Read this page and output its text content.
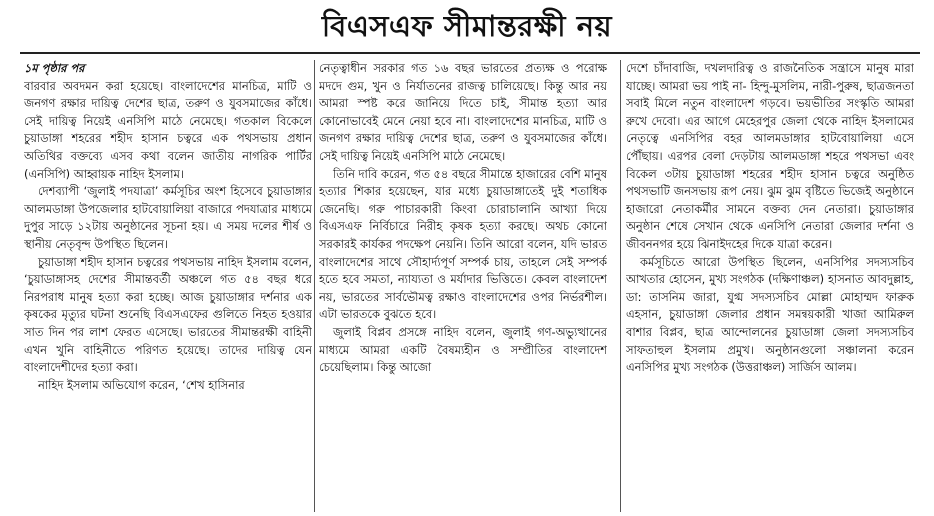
বিএসএফ সীমান্তরক্ষী নয়

১ম পৃষ্ঠার পর
বারবার অবদমন করা হয়েছে। বাংলাদেশের মানচিত্র, মাটি ও জনগণ রক্ষার দায়িত্ব দেশের ছাত্র, তরুণ ও যুবসমাজের কাঁধে। সেই দায়িত্ব নিয়েই এনসিপি মাঠে নেমেছে। গতকাল বিকেলে চুয়াডাঙ্গা শহরের শহীদ হাসান চত্বরে এক পথসভায় প্রধান অতিথির বক্তব্যে এসব কথা বলেন জাতীয় নাগরিক পার্টির (এনসিপি) আহ্বায়ক নাহিদ ইসলাম।

দেশব্যাপী ‘জুলাই পদযাত্রা’ কর্মসূচির অংশ হিসেবে চুয়াডাঙ্গার আলমডাঙ্গা উপজেলার হাটবোয়ালিয়া বাজারে পদযাত্রার মাধ্যমে দুপুর সাড়ে ১২টায় অনুষ্ঠানের সূচনা হয়। এ সময় দলের শীর্ষ ও স্থানীয় নেতৃবৃন্দ উপস্থিত ছিলেন।

চুয়াডাঙ্গা শহীদ হাসান চত্বরের পথসভায় নাহিদ ইসলাম বলেন, ‘চুয়াডাঙ্গাসহ দেশের সীমান্তবর্তী অঞ্চলে গত ৫৪ বছর ধরে নিরপরাধ মানুষ হত্যা করা হচ্ছে। আজ চুয়াডাঙ্গার দর্শনার এক কৃষকের মৃত্যুর ঘটনা শুনেছি বিএসএফের গুলিতে নিহত হওয়ার সাত দিন পর লাশ ফেরত এসেছে। ভারতের সীমান্তরক্ষী বাহিনী এখন খুনি বাহিনীতে পরিণত হয়েছে। তাদের দায়িত্ব যেন বাংলাদেশীদের হত্যা করা।

নাহিদ ইসলাম অভিযোগ করেন, ‘শেখ হাসিনার

নেতৃত্বাধীন সরকার গত ১৬ বছর ভারতের প্রত্যক্ষ ও পরোক্ষ মদদে গুম, খুন ও নির্যাতনের রাজত্ব চালিয়েছে। কিন্তু আর নয় আমরা স্পষ্ট করে জানিয়ে দিতে চাই, সীমান্ত হত্যা আর কোনোভাবেই মেনে নেয়া হবে না। বাংলাদেশের মানচিত্র, মাটি ও জনগণ রক্ষার দায়িত্ব দেশের ছাত্র, তরুণ ও যুবসমাজের কাঁধে। সেই দায়িত্ব নিয়েই এনসিপি মাঠে নেমেছে।

তিনি দাবি করেন, গত ৫৪ বছরে সীমান্তে হাজারের বেশি মানুষ হত্যার শিকার হয়েছেন, যার মধ্যে চুয়াডাঙ্গাতেই দুই শতাধিক জেনেছি। গরু পাচারকারী কিংবা চোরাচালানি আখ্যা দিয়ে বিএসএফ নির্বিচারে নিরীহ কৃষক হত্যা করছে। অথচ কোনো সরকারই কার্যকর পদক্ষেপ নেয়নি। তিনি আরো বলেন, যদি ভারত বাংলাদেশের সাথে সৌহার্দ্যপূর্ণ সম্পর্ক চায়, তাহলে সেই সম্পর্ক হতে হবে সমতা, ন্যায্যতা ও মর্যাদার ভিত্তিতে। কেবল বাংলাদেশ নয়, ভারতের সার্বভৌমত্ব রক্ষাও বাংলাদেশের ওপর নির্ভরশীল। এটা ভারতকে বুঝতে হবে।

জুলাই বিপ্লব প্রসঙ্গে নাহিদ বলেন, জুলাই গণ-অভ্যুত্থানের মাধ্যমে আমরা একটি বৈষম্যহীন ও সম্প্রীতির বাংলাদেশ চেয়েছিলাম। কিন্তু আজো

দেশে চাঁদাবাজি, দখলদারিত্ব ও রাজনৈতিক সন্ত্রাসে মানুষ মারা যাচ্ছে। আমরা ভয় পাই না- হিন্দু-মুসলিম, নারী-পুরুষ, ছাত্রজনতা সবাই মিলে নতুন বাংলাদেশ গড়বে। ভয়ভীতির সংস্কৃতি আমরা রুখে দেবো। এর আগে মেহেরপুর জেলা থেকে নাহিদ ইসলামের নেতৃত্বে এনসিপির বহর আলমডাঙ্গার হাটবোয়ালিয়া এসে পৌঁছায়। এরপর বেলা দেড়টায় আলমডাঙ্গা শহরে পথসভা এবং বিকেল ৩টায় চুয়াডাঙ্গা শহরের শহীদ হাসান চত্বরে অনুষ্ঠিত পথসভাটি জনসভায় রূপ নেয়। ঝুম ঝুম বৃষ্টিতে ভিজেই অনুষ্ঠানে হাজারো নেতাকর্মীর সামনে বক্তব্য দেন নেতারা। চুয়াডাঙ্গার অনুষ্ঠান শেষে সেখান থেকে এনসিপি নেতারা জেলার দর্শনা ও জীবননগর হয়ে ঝিনাইদহের দিকে যাত্রা করেন।

কর্মসূচিতে আরো উপস্থিত ছিলেন, এনসিপির সদস্যসচিব আখতার হোসেন, মুখ্য সংগঠক (দক্ষিণাঞ্চল) হাসনাত আবদুল্লাহ, ডা: তাসনিম জারা, যুগ্ম সদস্যসচিব মোল্লা মোহাম্মদ ফারুক এহসান, চুয়াডাঙ্গা জেলার প্রধান সমন্বয়কারী খাজা আমিরুল বাশার বিপ্লব, ছাত্র আন্দোলনের চুয়াডাঙ্গা জেলা সদস্যসচিব সাফতাহুল ইসলাম প্রমুখ। অনুষ্ঠানগুলো সঞ্চালনা করেন এনসিপির মুখ্য সংগঠক (উত্তরাঞ্চল) সার্জিস আলম।
